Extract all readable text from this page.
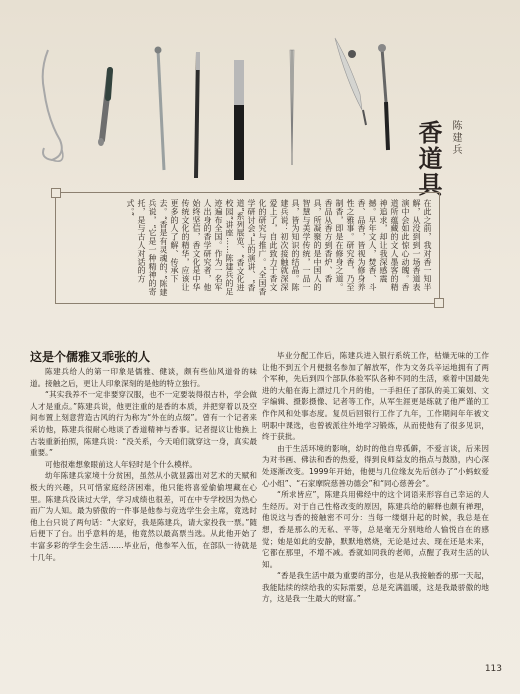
香道具 陈建兵
在此之前，我对香一知半解，从没到到一场香道表演中会如此惊心动魄。香道所蕴藏的文人墨客的精神追求，却让我深感震撼。早年文人，焚香、斗香、品香，皆视为修身养性之雅事。研究香，乃至制香，即是在修身之道。香品从香方到香炉、香具，所凝聚的是中国人的智慧与美学传统，一品一具，皆为知识的结晶。陈建兵说：初次接触就深深爱上了，自此致力于香文化的研究与推广。“全国香学研讨会”上的演讲、“香道”系列展览、“香文化进校园”讲座……陈建兵的足迹遍布全国。作为一名军人出身的香学研究者，他始终坚信，香文化是中华传统文化的精华，应该让更多的人了解、传承下去。“香是有灵魂的，”陈建兵说，“它是一种精神的寄托，是与古人对话的方式。”
这是个儒雅又乖张的人

陈建兵给人的第一印象是儒雅、健谈，颇有些仙风道骨的味道。接触之后，更让人印象深刻的是他的特立独行。

“其实我养不一定非要穿汉服，也不一定要装得很古朴，学会做人才是重点。”陈建兵说，他更注重的是香的本质，并把穿着以及空间布置上刻意营造古风的行为称为“外在的点缀”。曾有一个记者来采访他，陈建兵很耐心地谈了香道精神与香事。记者提议让他换上古装重新拍照，陈建兵说：“没关系，今天咱们就穿这一身，真实最重要。”

可他很难想象眼前这人年轻时是个什么模样。

幼年陈建兵家境十分贫困，虽然从小就显露出对艺术的天赋和极大的兴趣，只可惜家庭经济困难，他只能将喜爱偷偷埋藏在心里。陈建兵没读过大学，学习成绩也很差，可在中专学校因为热心而广为人知。最为骄傲的一件事是他参与竞选学生会主席，竟选时他上台只说了两句话：“大家好，我是陈建兵，请大家投我一票。”随后便下了台。出乎意料的是，他竟然以最高票当选。从此他开始了丰富多彩的学生会生活……毕业后，他参军入伍，在部队一待就是十几年。

毕业分配工作后，陈建兵进入银行系统工作，枯燥无味的工作让他不到五个月便报名参加了解放军，作为文务兵辛运地拥有了两个军种，先后到四个部队体验军队各种不同的生活，乘着中国最先进的大船在海上漂过几个月的他，一手担任了部队的美工策划、文字编辑、摄影摄像、记者等工作，从军生涯更是练就了他严谨的工作作风和处事态度。复员后回银行工作了九年，工作期间年年被文明职中课选，也曾被派往外地学习锻炼，从而使他有了很多见识，终于获批。

由于生活环境的影响，幼时的他自卑孤僻，不爱言谈，后来因为对书画、佛法和香的热爱，得到良师益友的指点与鼓励，内心深处逐渐改变。1999年开始，他便与几位缘友先后创办了“小蚂蚁爱心小组”、“石家摩院慈善功德会”和“同心慈善会”。

“所求皆应”，陈建兵用佛经中的这个词语来形容自己幸运的人生经历。对于自己性格改变的原因，陈建兵给的解释也颇有禅理，他说这与香的接触密不可分：当每一缕烟升起的时候，我总是在想，香是那么的无私、平等，总是毫无分别地给人愉悦自在的感觉；她是如此的安静，默默地燃烧，无论是过去、现在还是未来，它都在那里，不增不减。香就如同我的老师，点醒了我对生活的认知。

“香是我生活中最为重要的部分，也是从我接触香的那一天起，我能陆续的续给我的实际需要，总是充满温暖，这是我最骄傲的地方，这是我一生最大的财富。”

113
